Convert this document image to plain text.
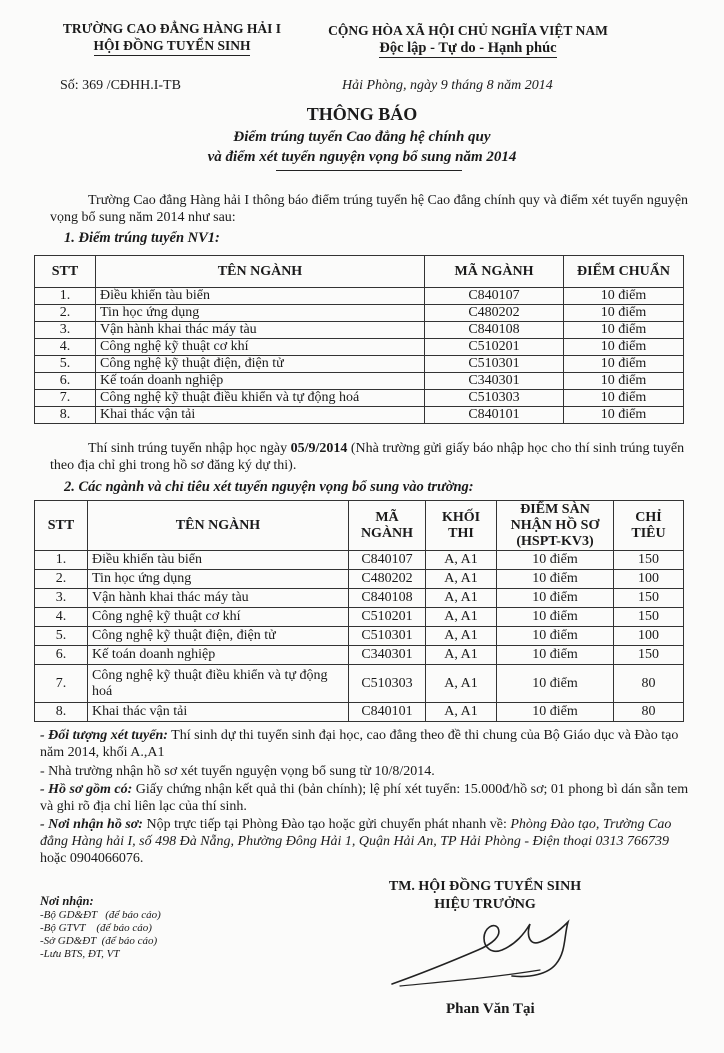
TRƯỜNG CAO ĐẲNG HÀNG HẢI I
HỘI ĐỒNG TUYỂN SINH
Số: 369 /CĐHH.I-TB
CỘNG HÒA XÃ HỘI CHỦ NGHĨA VIỆT NAM
Độc lập - Tự do - Hạnh phúc
Hải Phòng, ngày 9 tháng 8 năm 2014
THÔNG BÁO
Điểm trúng tuyển Cao đẳng hệ chính quy
và điểm xét tuyển nguyện vọng bổ sung năm 2014
Trường Cao đẳng Hàng hải I thông báo điểm trúng tuyển hệ Cao đẳng chính quy và điểm xét tuyển nguyện vọng bổ sung năm 2014 như sau:
1. Điểm trúng tuyển NV1:
STT	TÊN NGÀNH	MÃ NGÀNH	ĐIỂM CHUẨN
1.	Điều khiển tàu biển	C840107	10 điểm
2.	Tin học ứng dụng	C480202	10 điểm
3.	Vận hành khai thác máy tàu	C840108	10 điểm
4.	Công nghệ kỹ thuật cơ khí	C510201	10 điểm
5.	Công nghệ kỹ thuật điện, điện tử	C510301	10 điểm
6.	Kế toán doanh nghiệp	C340301	10 điểm
7.	Công nghệ kỹ thuật điều khiển và tự động hoá	C510303	10 điểm
8.	Khai thác vận tải	C840101	10 điểm
Thí sinh trúng tuyển nhập học ngày 05/9/2014 (Nhà trường gửi giấy báo nhập học cho thí sinh trúng tuyển theo địa chỉ ghi trong hồ sơ đăng ký dự thi).
2. Các ngành và chỉ tiêu xét tuyển nguyện vọng bổ sung vào trường:
STT	TÊN NGÀNH	MÃ NGÀNH	KHỐI THI	ĐIỂM SÀN NHẬN HỒ SƠ (HSPT-KV3)	CHỈ TIÊU
1.	Điều khiển tàu biển	C840107	A, A1	10 điểm	150
2.	Tin học ứng dụng	C480202	A, A1	10 điểm	100
3.	Vận hành khai thác máy tàu	C840108	A, A1	10 điểm	150
4.	Công nghệ kỹ thuật cơ khí	C510201	A, A1	10 điểm	150
5.	Công nghệ kỹ thuật điện, điện tử	C510301	A, A1	10 điểm	100
6.	Kế toán doanh nghiệp	C340301	A, A1	10 điểm	150
7.	Công nghệ kỹ thuật điều khiển và tự động hoá	C510303	A, A1	10 điểm	80
8.	Khai thác vận tải	C840101	A, A1	10 điểm	80
- Đối tượng xét tuyển: Thí sinh dự thi tuyển sinh đại học, cao đẳng theo đề thi chung của Bộ Giáo dục và Đào tạo năm 2014, khối A.,A1
- Nhà trường nhận hồ sơ xét tuyển nguyện vọng bổ sung từ 10/8/2014.
- Hồ sơ gồm có: Giấy chứng nhận kết quả thi (bản chính); lệ phí xét tuyển: 15.000đ/hồ sơ; 01 phong bì dán sẵn tem và ghi rõ địa chỉ liên lạc của thí sinh.
- Nơi nhận hồ sơ: Nộp trực tiếp tại Phòng Đào tạo hoặc gửi chuyển phát nhanh về: Phòng Đào tạo, Trường Cao đẳng Hàng hải I, số 498 Đà Nẵng, Phường Đông Hải 1, Quận Hải An, TP Hải Phòng - Điện thoại 0313 766739 hoặc 0904066076.
Nơi nhận:
-Bộ GD&ĐT   (để báo cáo)
-Bộ GTVT    (để báo cáo)
-Sở GD&ĐT  (để báo cáo)
-Lưu BTS, ĐT, VT
TM. HỘI ĐỒNG TUYỂN SINH
HIỆU TRƯỞNG
Phan Văn Tại
